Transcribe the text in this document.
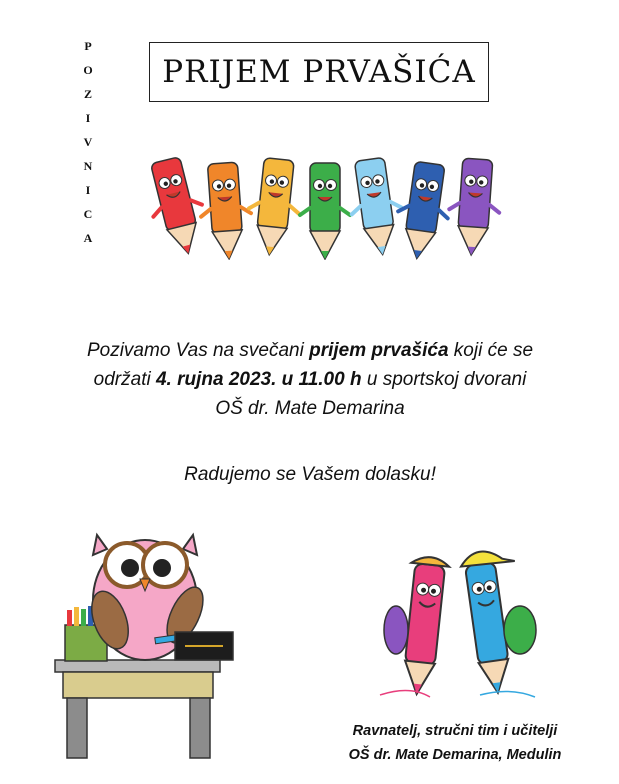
P
O
Z
I
V
N
I
C
A
PRIJEM PRVAŠIĆA
Pozivamo Vas na svečani prijem prvašića koji će se
održati 4. rujna 2023. u 11.00 h u sportskoj dvorani
OŠ dr. Mate Demarina
Radujemo se Vašem dolasku!
Ravnatelj, stručni tim i učitelji
OŠ dr. Mate Demarina, Medulin
